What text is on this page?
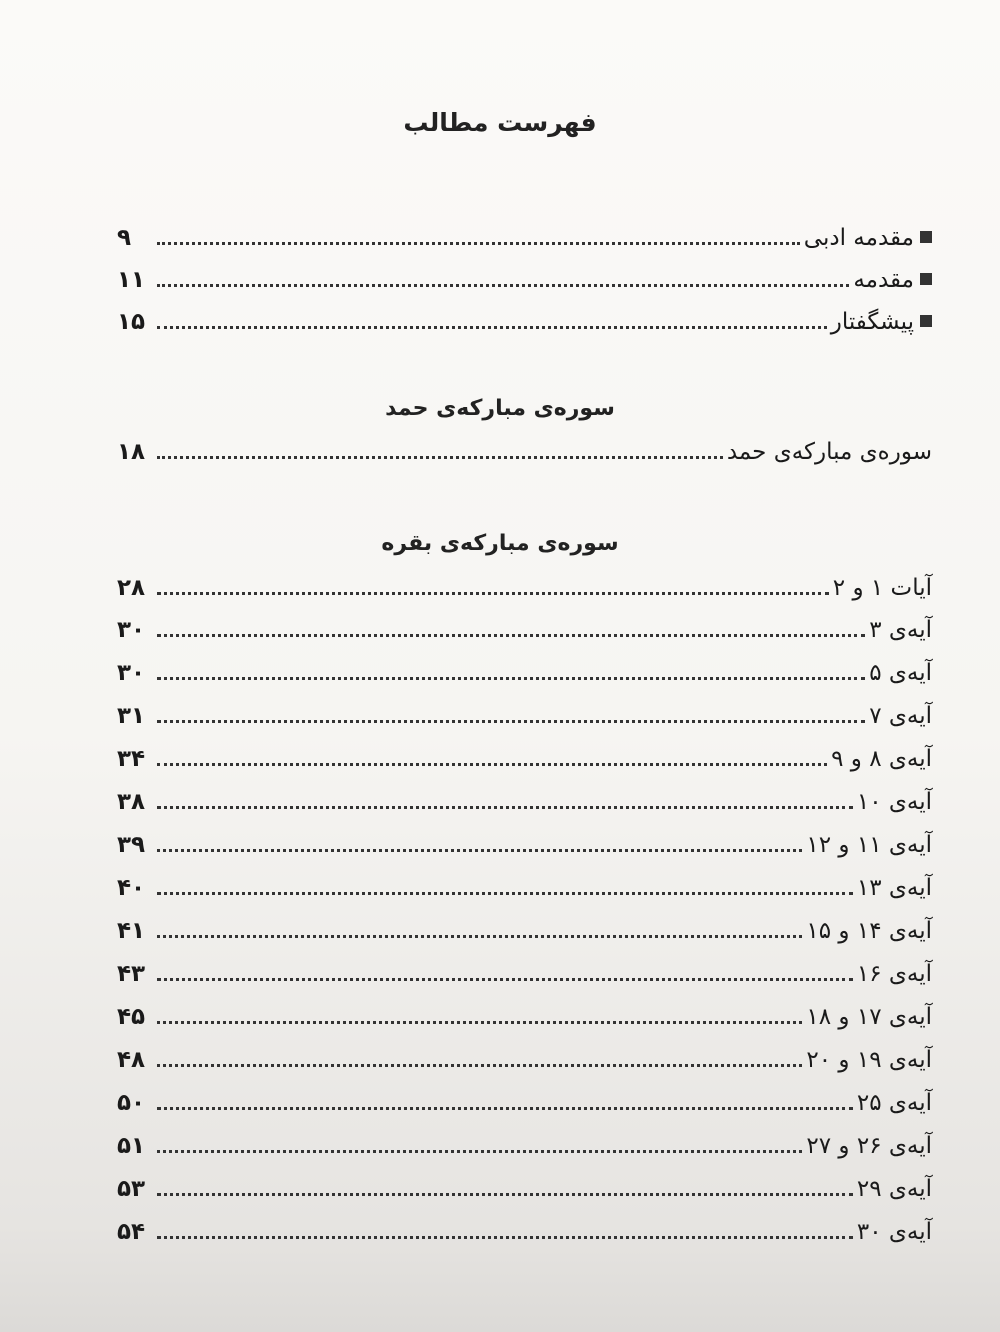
فهرست مطالب
مقدمه ادبی
۹
مقدمه
۱۱
پیشگفتار
۱۵
سوره‌ی مبارکه‌ی حمد
سوره‌ی مبارکه‌ی حمد
۱۸
سوره‌ی مبارکه‌ی بقره
آیات ۱ و ۲
۲۸
آیه‌ی ۳
۳۰
آیه‌ی ۵
۳۰
آیه‌ی ۷
۳۱
آیه‌ی ۸ و ۹
۳۴
آیه‌ی ۱۰
۳۸
آیه‌ی ۱۱ و ۱۲
۳۹
آیه‌ی ۱۳
۴۰
آیه‌ی ۱۴ و ۱۵
۴۱
آیه‌ی ۱۶
۴۳
آیه‌ی ۱۷ و ۱۸
۴۵
آیه‌ی ۱۹ و ۲۰
۴۸
آیه‌ی ۲۵
۵۰
آیه‌ی ۲۶ و ۲۷
۵۱
آیه‌ی ۲۹
۵۳
آیه‌ی ۳۰
۵۴
